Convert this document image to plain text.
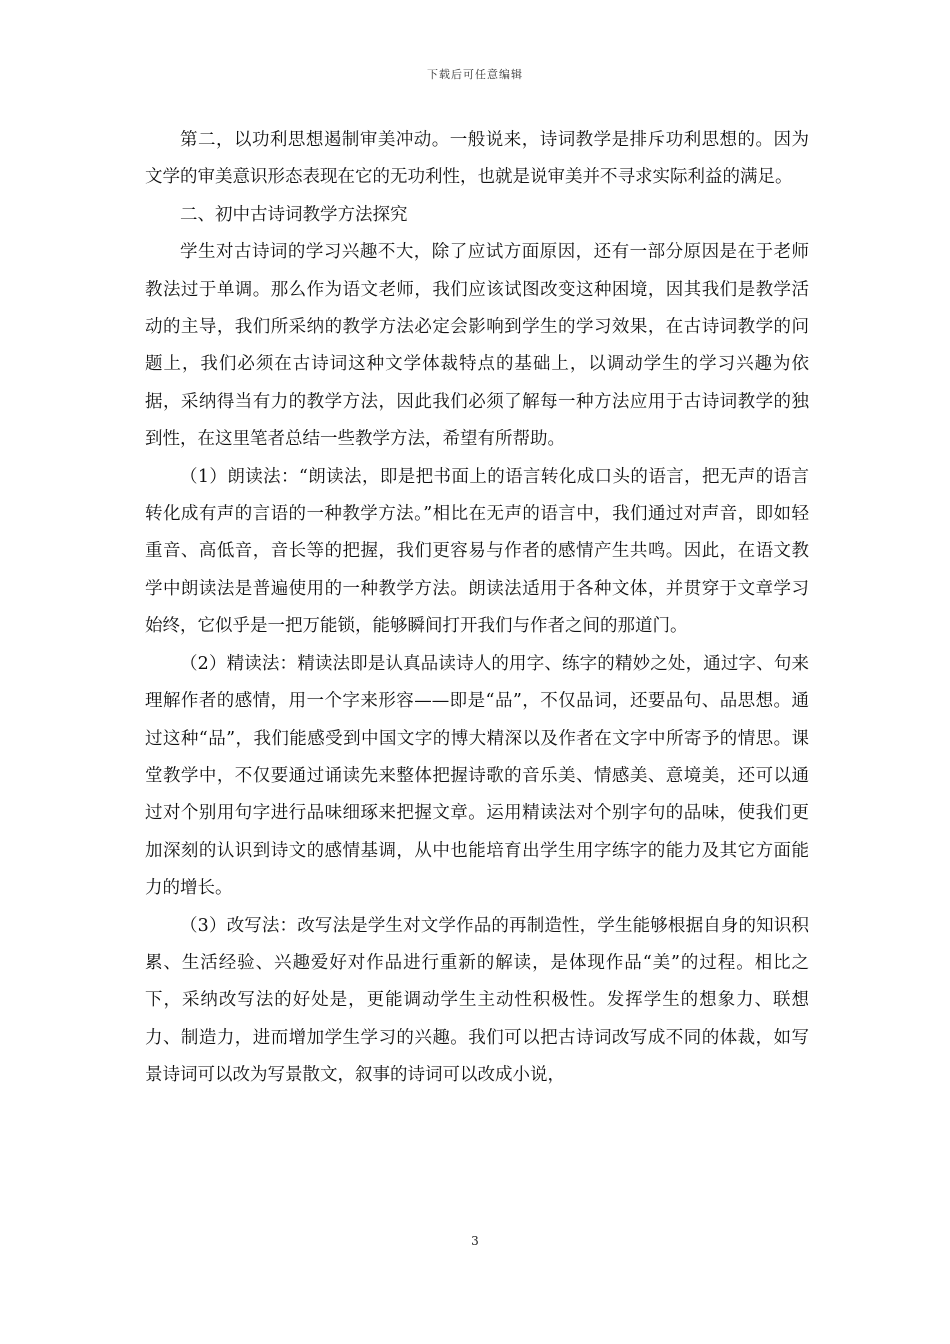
下载后可任意编辑

第二，以功利思想遏制审美冲动。一般说来，诗词教学是排斥功利思想的。因为文学的审美意识形态表现在它的无功利性，也就是说审美并不寻求实际利益的满足。

二、初中古诗词教学方法探究

学生对古诗词的学习兴趣不大，除了应试方面原因，还有一部分原因是在于老师教法过于单调。那么作为语文老师，我们应该试图改变这种困境，因其我们是教学活动的主导，我们所采纳的教学方法必定会影响到学生的学习效果，在古诗词教学的问题上，我们必须在古诗词这种文学体裁特点的基础上，以调动学生的学习兴趣为依据，采纳得当有力的教学方法，因此我们必须了解每一种方法应用于古诗词教学的独到性，在这里笔者总结一些教学方法，希望有所帮助。

（1）朗读法：“朗读法，即是把书面上的语言转化成口头的语言，把无声的语言转化成有声的言语的一种教学方法。”相比在无声的语言中，我们通过对声音，即如轻重音、高低音，音长等的把握，我们更容易与作者的感情产生共鸣。因此，在语文教学中朗读法是普遍使用的一种教学方法。朗读法适用于各种文体，并贯穿于文章学习始终，它似乎是一把万能锁，能够瞬间打开我们与作者之间的那道门。

（2）精读法：精读法即是认真品读诗人的用字、练字的精妙之处，通过字、句来理解作者的感情，用一个字来形容——即是“品”，不仅品词，还要品句、品思想。通过这种“品”，我们能感受到中国文字的博大精深以及作者在文字中所寄予的情思。课堂教学中，不仅要通过诵读先来整体把握诗歌的音乐美、情感美、意境美，还可以通过对个别用句字进行品味细琢来把握文章。运用精读法对个别字句的品味，使我们更加深刻的认识到诗文的感情基调，从中也能培育出学生用字练字的能力及其它方面能力的增长。

（3）改写法：改写法是学生对文学作品的再制造性，学生能够根据自身的知识积累、生活经验、兴趣爱好对作品进行重新的解读，是体现作品“美”的过程。相比之下，采纳改写法的好处是，更能调动学生主动性积极性。发挥学生的想象力、联想力、制造力，进而增加学生学习的兴趣。我们可以把古诗词改写成不同的体裁，如写景诗词可以改为写景散文，叙事的诗词可以改成小说，

3
